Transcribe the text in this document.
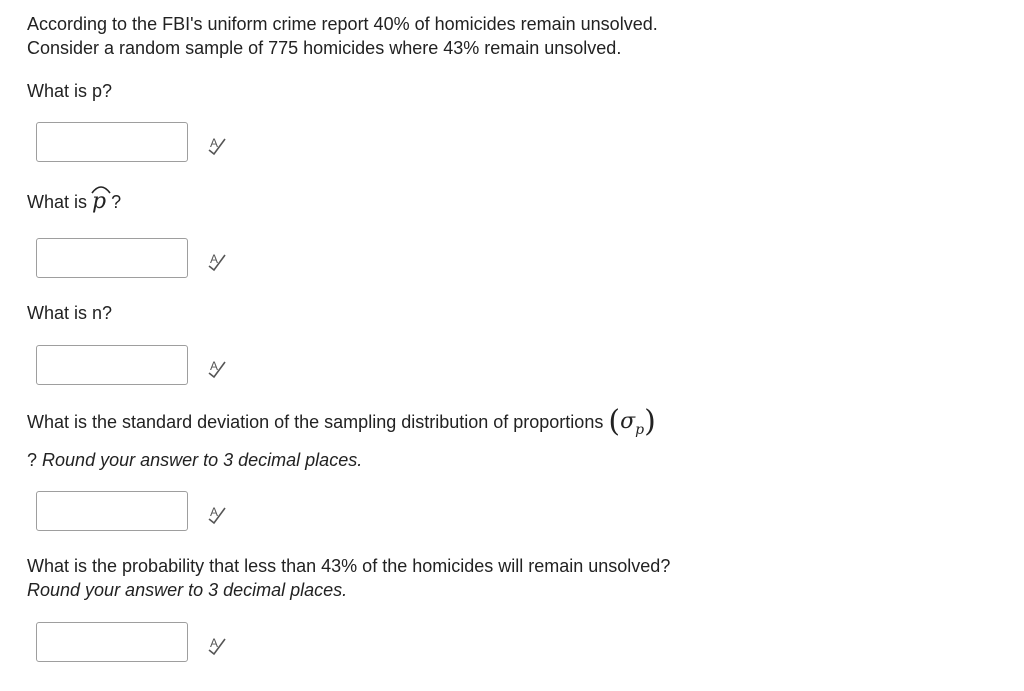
According to the FBI's uniform crime report 40% of homicides remain unsolved.
Consider a random sample of 775 homicides where 43% remain unsolved.
What is p?
A
What is p ?
A
What is n?
A
What is the standard deviation of the sampling distribution of proportions $(\sigma_p)$
? Round your answer to 3 decimal places.
A
What is the probability that less than 43% of the homicides will remain unsolved?
Round your answer to 3 decimal places.
A
